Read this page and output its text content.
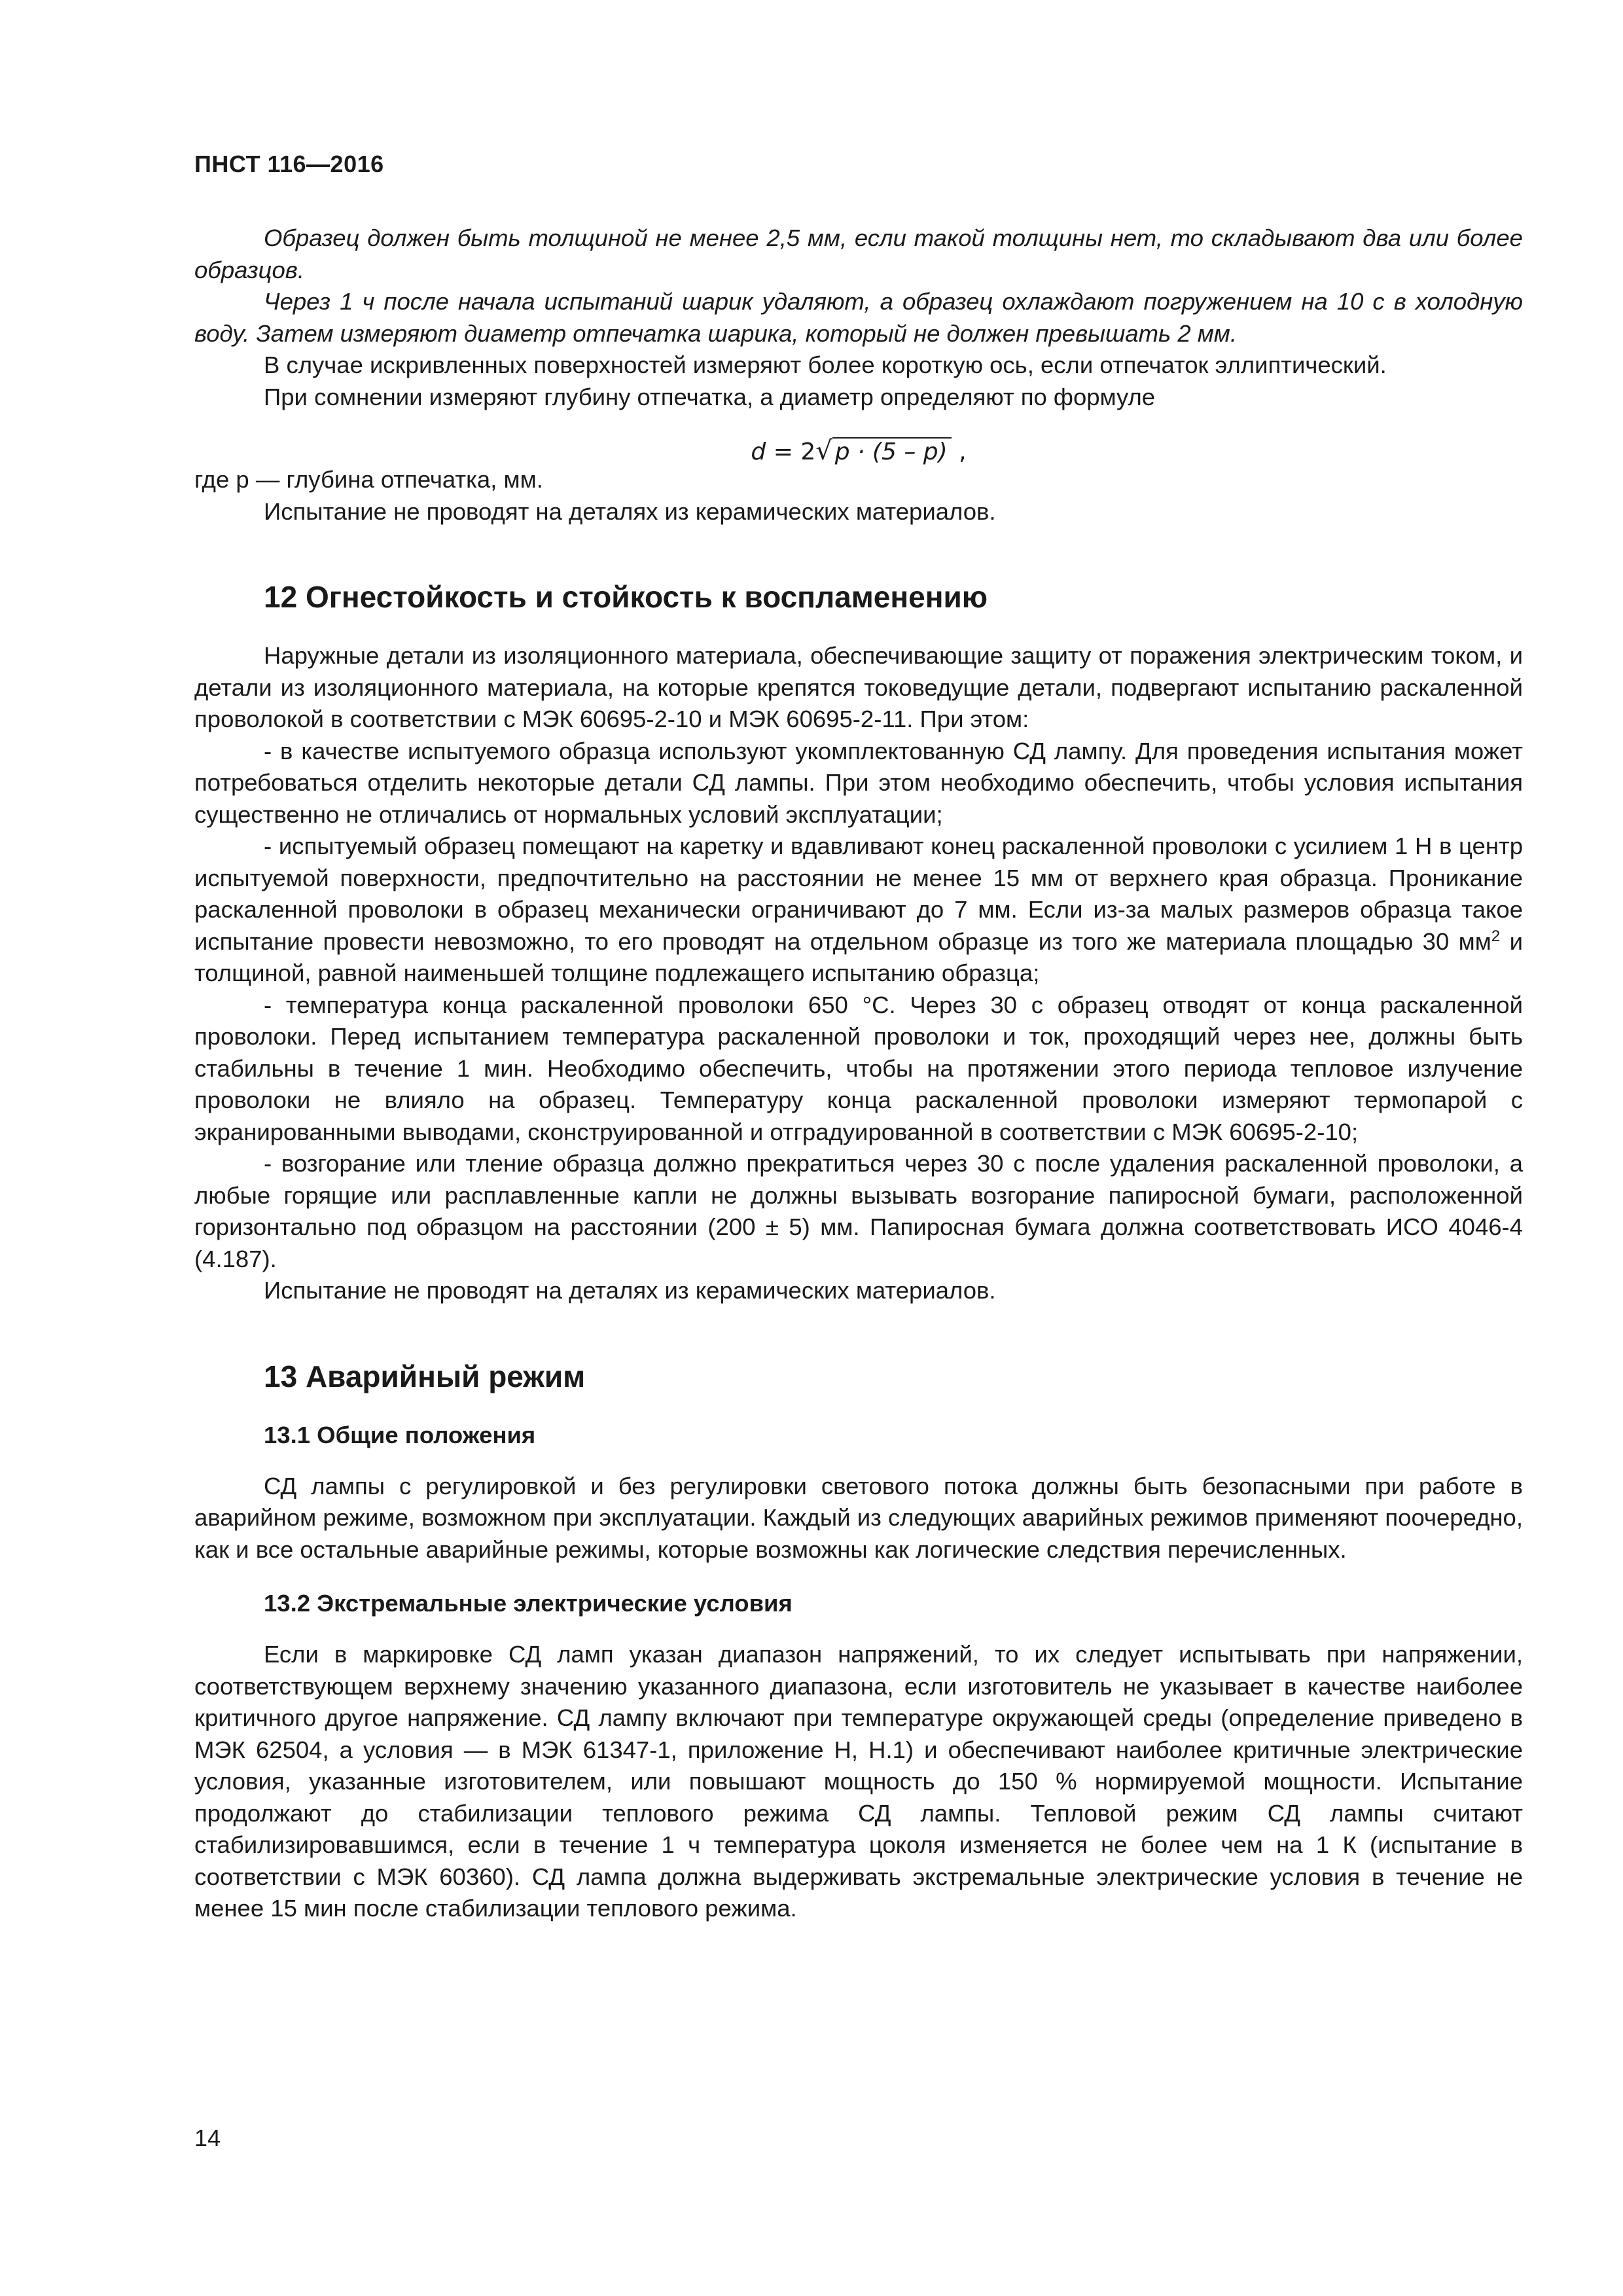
ПНСТ 116—2016

Образец должен быть толщиной не менее 2,5 мм, если такой толщины нет, то складывают два или более образцов.

Через 1 ч после начала испытаний шарик удаляют, а образец охлаждают погружением на 10 с в холодную воду. Затем измеряют диаметр отпечатка шарика, который не должен превышать 2 мм.

В случае искривленных поверхностей измеряют более короткую ось, если отпечаток эллиптический.

При сомнении измеряют глубину отпечатка, а диаметр определяют по формуле

d = 2√ p · (5 – p) ,

где p — глубина отпечатка, мм.

Испытание не проводят на деталях из керамических материалов.

12 Огнестойкость и стойкость к воспламенению

Наружные детали из изоляционного материала, обеспечивающие защиту от поражения электрическим током, и детали из изоляционного материала, на которые крепятся токоведущие детали, подвергают испытанию раскаленной проволокой в соответствии с МЭК 60695-2-10 и МЭК 60695-2-11. При этом:

- в качестве испытуемого образца используют укомплектованную СД лампу. Для проведения испытания может потребоваться отделить некоторые детали СД лампы. При этом необходимо обеспечить, чтобы условия испытания существенно не отличались от нормальных условий эксплуатации;

- испытуемый образец помещают на каретку и вдавливают конец раскаленной проволоки с усилием 1 Н в центр испытуемой поверхности, предпочтительно на расстоянии не менее 15 мм от верхнего края образца. Проникание раскаленной проволоки в образец механически ограничивают до 7 мм. Если из-за малых размеров образца такое испытание провести невозможно, то его проводят на отдельном образце из того же материала площадью 30 $мм^2$ и толщиной, равной наименьшей толщине подлежащего испытанию образца;

- температура конца раскаленной проволоки 650 °С. Через 30 с образец отводят от конца раскаленной проволоки. Перед испытанием температура раскаленной проволоки и ток, проходящий через нее, должны быть стабильны в течение 1 мин. Необходимо обеспечить, чтобы на протяжении этого периода тепловое излучение проволоки не влияло на образец. Температуру конца раскаленной проволоки измеряют термопарой с экранированными выводами, сконструированной и отградуированной в соответствии с МЭК 60695-2-10;

- возгорание или тление образца должно прекратиться через 30 с после удаления раскаленной проволоки, а любые горящие или расплавленные капли не должны вызывать возгорание папиросной бумаги, расположенной горизонтально под образцом на расстоянии (200 ± 5) мм. Папиросная бумага должна соответствовать ИСО 4046-4 (4.187).

Испытание не проводят на деталях из керамических материалов.

13 Аварийный режим
13.1 Общие положения

СД лампы с регулировкой и без регулировки светового потока должны быть безопасными при работе в аварийном режиме, возможном при эксплуатации. Каждый из следующих аварийных режимов применяют поочередно, как и все остальные аварийные режимы, которые возможны как логические следствия перечисленных.

13.2 Экстремальные электрические условия

Если в маркировке СД ламп указан диапазон напряжений, то их следует испытывать при напряжении, соответствующем верхнему значению указанного диапазона, если изготовитель не указывает в качестве наиболее критичного другое напряжение. СД лампу включают при температуре окружающей среды (определение приведено в МЭК 62504, а условия — в МЭК 61347-1, приложение Н, Н.1) и обеспечивают наиболее критичные электрические условия, указанные изготовителем, или повышают мощность до 150 % нормируемой мощности. Испытание продолжают до стабилизации теплового режима СД лампы. Тепловой режим СД лампы считают стабилизировавшимся, если в течение 1 ч температура цоколя изменяется не более чем на 1 К (испытание в соответствии с МЭК 60360). СД лампа должна выдерживать экстремальные электрические условия в течение не менее 15 мин после стабилизации теплового режима.

14
